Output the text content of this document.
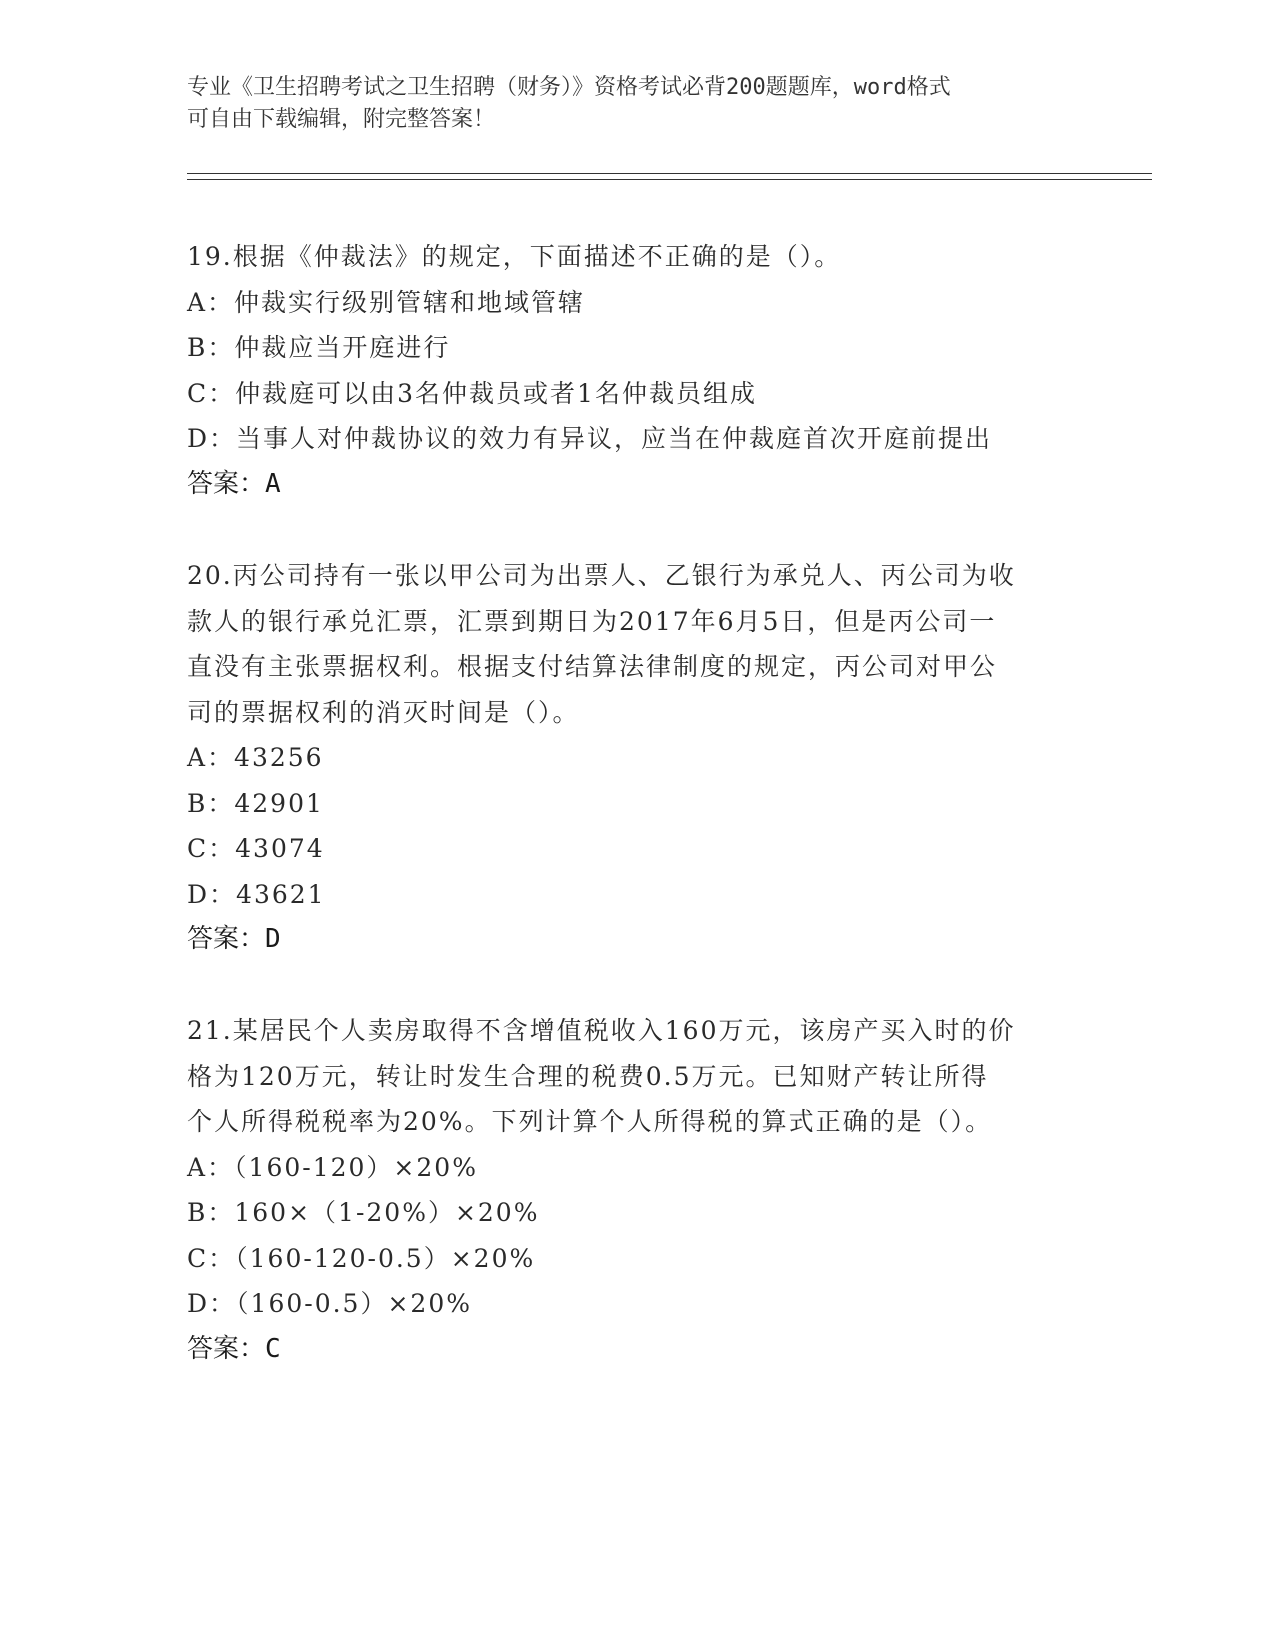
专业《卫生招聘考试之卫生招聘（财务）》资格考试必背200题题库，word格式
可自由下载编辑，附完整答案！
19.根据《仲裁法》的规定，下面描述不正确的是（）。
A：仲裁实行级别管辖和地域管辖
B：仲裁应当开庭进行
C：仲裁庭可以由3名仲裁员或者1名仲裁员组成
D：当事人对仲裁协议的效力有异议，应当在仲裁庭首次开庭前提出
答案：A
20.丙公司持有一张以甲公司为出票人、乙银行为承兑人、丙公司为收
款人的银行承兑汇票，汇票到期日为2017年6月5日，但是丙公司一
直没有主张票据权利。根据支付结算法律制度的规定，丙公司对甲公
司的票据权利的消灭时间是（）。
A：43256
B：42901
C：43074
D：43621
答案：D
21.某居民个人卖房取得不含增值税收入160万元，该房产买入时的价
格为120万元，转让时发生合理的税费0.5万元。已知财产转让所得
个人所得税税率为20%。下列计算个人所得税的算式正确的是（）。
A：（160-120）×20%
B：160×（1-20%）×20%
C：（160-120-0.5）×20%
D：（160-0.5）×20%
答案：C
